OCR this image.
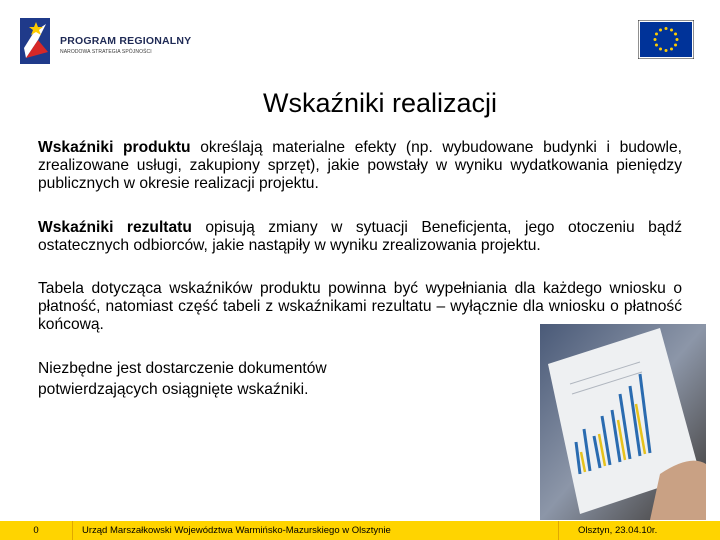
PROGRAM REGIONALNY
NARODOWA STRATEGIA SPÓJNOŚCI
Wskaźniki realizacji

Wskaźniki produktu określają materialne efekty (np. wybudowane budynki i budowle, zrealizowane usługi, zakupiony sprzęt), jakie powstały w wyniku wydatkowania pieniędzy publicznych w okresie realizacji projektu.

Wskaźniki rezultatu opisują zmiany w sytuacji Beneficjenta, jego otoczeniu bądź ostatecznych odbiorców, jakie nastąpiły w wyniku zrealizowania projektu.

Tabela dotycząca wskaźników produktu powinna być wypełniania dla każdego wniosku o płatność, natomiast część tabeli z wskaźnikami rezultatu – wyłącznie dla wniosku o płatność końcową.

Niezbędne jest dostarczenie dokumentów potwierdzających osiągnięte wskaźniki.

0	Urząd Marszałkowski Województwa Warmińsko-Mazurskiego w Olsztynie	Olsztyn, 23.04.10r.
